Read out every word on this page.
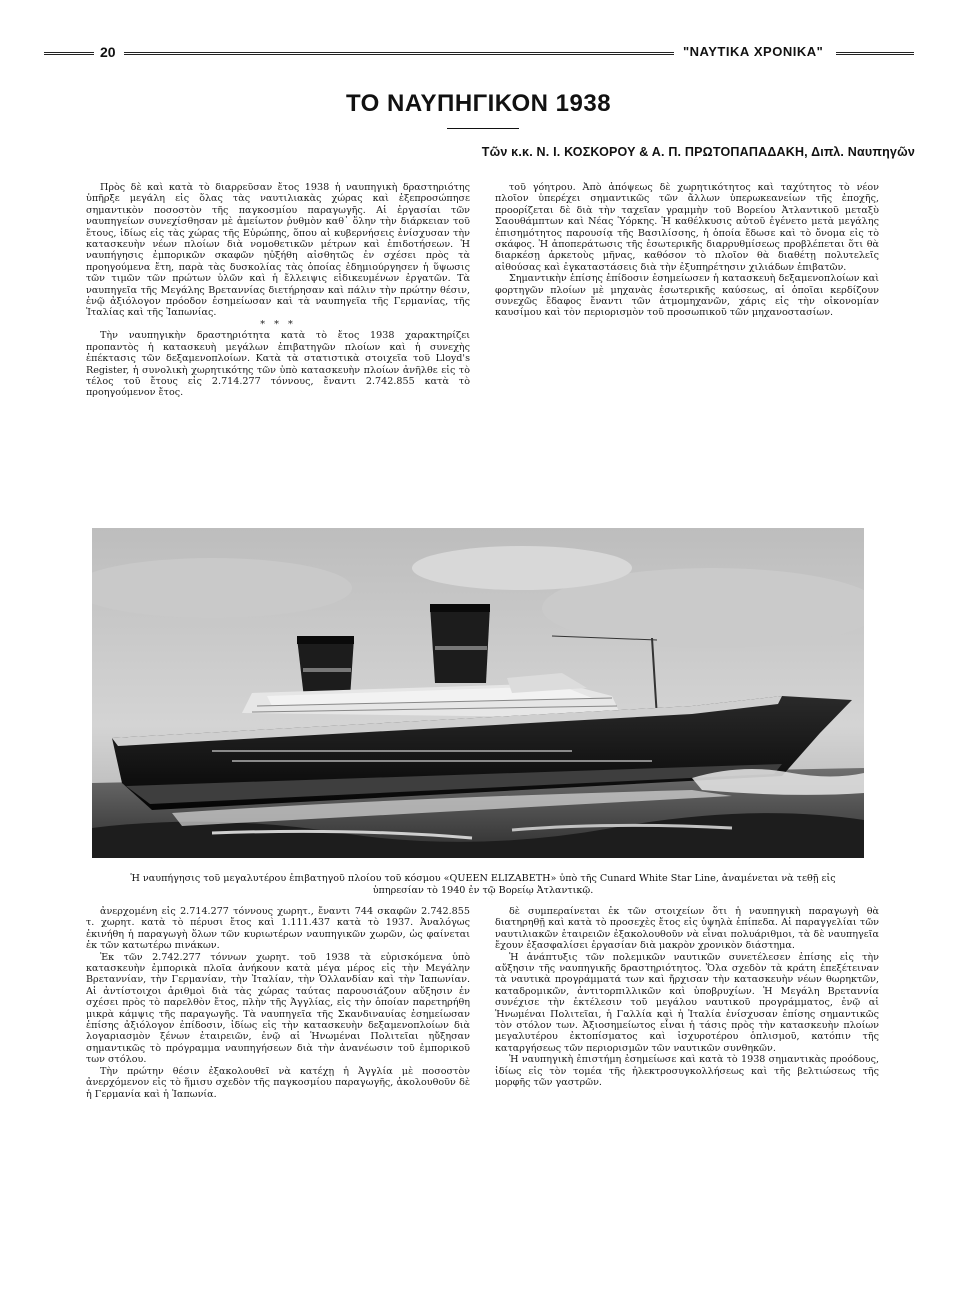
20	"ΝΑΥΤΙΚΑ ΧΡΟΝΙΚΑ"
ΤΟ ΝΑΥΠΗΓΙΚΟΝ 1938
Τῶν κ.κ. Ν. Ι. ΚΟΣΚΟΡΟΥ & Α. Π. ΠΡΩΤΟΠΑΠΑΔΑΚΗ, Διπλ. Ναυπηγῶν

Πρὸς δὲ καὶ κατὰ τὸ διαρρεῦσαν ἔτος 1938 ἡ ναυπηγικὴ δραστηριότης ὑπῆρξε μεγάλη εἰς ὅλας τὰς ναυτιλιακὰς χώρας καὶ ἐξεπροσώπησε σημαντικὸν ποσοστὸν τῆς παγκοσμίου παραγωγῆς. Αἱ ἐργασίαι τῶν ναυπηγείων συνεχίσθησαν μὲ ἀμείωτον ῥυθμὸν καθ᾽ ὅλην τὴν διάρκειαν τοῦ ἔτους, ἰδίως εἰς τὰς χώρας τῆς Εὐρώπης, ὅπου αἱ κυβερνήσεις ἐνίσχυσαν τὴν κατασκευὴν νέων πλοίων διὰ νομοθετικῶν μέτρων καὶ ἐπιδοτήσεων. Ἡ ναυπήγησις ἐμπορικῶν σκαφῶν ηὐξήθη αἰσθητῶς ἐν σχέσει πρὸς τὰ προηγούμενα ἔτη, παρὰ τὰς δυσκολίας τὰς ὁποίας ἐδημιούργησεν ἡ ὕψωσις τῶν τιμῶν τῶν πρώτων ὑλῶν καὶ ἡ ἔλλειψις εἰδικευμένων ἐργατῶν. Τὰ ναυπηγεῖα τῆς Μεγάλης Βρεταννίας διετήρησαν καὶ πάλιν τὴν πρώτην θέσιν, ἐνῷ ἀξιόλογον πρόοδον ἐσημείωσαν καὶ τὰ ναυπηγεῖα τῆς Γερμανίας, τῆς Ἰταλίας καὶ τῆς Ἰαπωνίας.

* * *

Τὴν ναυπηγικὴν δραστηριότητα κατὰ τὸ ἔτος 1938 χαρακτηρίζει προπαντὸς ἡ κατασκευὴ μεγάλων ἐπιβατηγῶν πλοίων καὶ ἡ συνεχὴς ἐπέκτασις τῶν δεξαμενοπλοίων. Κατὰ τὰ στατιστικὰ στοιχεῖα τοῦ Lloyd's Register, ἡ συνολικὴ χωρητικότης τῶν ὑπὸ κατασκευὴν πλοίων ἀνῆλθε εἰς τὸ τέλος τοῦ ἔτους εἰς 2.714.277 τόννους, ἔναντι 2.742.855 κατὰ τὸ προηγούμενον ἔτος.

τοῦ γόητρου. Ἀπὸ ἀπόψεως δὲ χωρητικότητος καὶ ταχύτητος τὸ νέον πλοῖον ὑπερέχει σημαντικῶς τῶν ἄλλων ὑπερωκεανείων τῆς ἐποχῆς, προορίζεται δὲ διὰ τὴν ταχεῖαν γραμμὴν τοῦ Βορείου Ἀτλαντικοῦ μεταξὺ Σαουθάμπτων καὶ Νέας Ὑόρκης. Ἡ καθέλκυσις αὐτοῦ ἐγένετο μετὰ μεγάλης ἐπισημότητος παρουσίᾳ τῆς Βασιλίσσης, ἡ ὁποία ἔδωσε καὶ τὸ ὄνομα εἰς τὸ σκάφος. Ἡ ἀποπεράτωσις τῆς ἐσωτερικῆς διαρρυθμίσεως προβλέπεται ὅτι θὰ διαρκέσῃ ἀρκετοὺς μῆνας, καθόσον τὸ πλοῖον θὰ διαθέτῃ πολυτελεῖς αἰθούσας καὶ ἐγκαταστάσεις διὰ τὴν ἐξυπηρέτησιν χιλιάδων ἐπιβατῶν.

Σημαντικὴν ἐπίσης ἐπίδοσιν ἐσημείωσεν ἡ κατασκευὴ δεξαμενοπλοίων καὶ φορτηγῶν πλοίων μὲ μηχανὰς ἐσωτερικῆς καύσεως, αἱ ὁποῖαι κερδίζουν συνεχῶς ἔδαφος ἔναντι τῶν ἀτμομηχανῶν, χάρις εἰς τὴν οἰκονομίαν καυσίμου καὶ τὸν περιορισμὸν τοῦ προσωπικοῦ τῶν μηχανοστασίων.

Ἡ ναυπήγησις τοῦ μεγαλυτέρου ἐπιβατηγοῦ πλοίου τοῦ κόσμου «QUEEN ELIZABETH» ὑπὸ τῆς Cunard White Star Line, ἀναμένεται νὰ τεθῇ εἰς ὑπηρεσίαν τὸ 1940 ἐν τῷ Βορείῳ Ἀτλαντικῷ.

ἀνερχομένη εἰς 2.714.277 τόννους χωρητ., ἔναντι 744 σκαφῶν 2.742.855 τ. χωρητ. κατὰ τὸ πέρυσι ἔτος καὶ 1.111.437 κατὰ τὸ 1937. Ἀναλόγως ἐκινήθη ἡ παραγωγὴ ὅλων τῶν κυριωτέρων ναυπηγικῶν χωρῶν, ὡς φαίνεται ἐκ τῶν κατωτέρω πινάκων.

Ἐκ τῶν 2.742.277 τόννων χωρητ. τοῦ 1938 τὰ εὑρισκόμενα ὑπὸ κατασκευὴν ἐμπορικὰ πλοῖα ἀνήκουν κατὰ μέγα μέρος εἰς τὴν Μεγάλην Βρεταννίαν, τὴν Γερμανίαν, τὴν Ἰταλίαν, τὴν Ὁλλανδίαν καὶ τὴν Ἰαπωνίαν. Αἱ ἀντίστοιχοι ἀριθμοὶ διὰ τὰς χώρας ταύτας παρουσιάζουν αὔξησιν ἐν σχέσει πρὸς τὸ παρελθὸν ἔτος, πλὴν τῆς Ἀγγλίας, εἰς τὴν ὁποίαν παρετηρήθη μικρὰ κάμψις τῆς παραγωγῆς. Τὰ ναυπηγεῖα τῆς Σκανδιναυίας ἐσημείωσαν ἐπίσης ἀξιόλογον ἐπίδοσιν, ἰδίως εἰς τὴν κατασκευὴν δεξαμενοπλοίων διὰ λογαριασμὸν ξένων ἐταιρειῶν, ἐνῷ αἱ Ἡνωμέναι Πολιτεῖαι ηὔξησαν σημαντικῶς τὸ πρόγραμμα ναυπηγήσεων διὰ τὴν ἀνανέωσιν τοῦ ἐμπορικοῦ των στόλου.

Τὴν πρώτην θέσιν ἐξακολουθεῖ νὰ κατέχῃ ἡ Ἀγγλία μὲ ποσοστὸν ἀνερχόμενον εἰς τὸ ἥμισυ σχεδὸν τῆς παγκοσμίου παραγωγῆς, ἀκολουθοῦν δὲ ἡ Γερμανία καὶ ἡ Ἰαπωνία.

δὲ συμπεραίνεται ἐκ τῶν στοιχείων ὅτι ἡ ναυπηγικὴ παραγωγὴ θὰ διατηρηθῇ καὶ κατὰ τὸ προσεχὲς ἔτος εἰς ὑψηλὰ ἐπίπεδα. Αἱ παραγγελίαι τῶν ναυτιλιακῶν ἑταιρειῶν ἐξακολουθοῦν νὰ εἶναι πολυάριθμοι, τὰ δὲ ναυπηγεῖα ἔχουν ἐξασφαλίσει ἐργασίαν διὰ μακρὸν χρονικὸν διάστημα.

Ἡ ἀνάπτυξις τῶν πολεμικῶν ναυτικῶν συνετέλεσεν ἐπίσης εἰς τὴν αὔξησιν τῆς ναυπηγικῆς δραστηριότητος. Ὅλα σχεδὸν τὰ κράτη ἐπεξέτειναν τὰ ναυτικὰ προγράμματά των καὶ ἤρχισαν τὴν κατασκευὴν νέων θωρηκτῶν, καταδρομικῶν, ἀντιτορπιλλικῶν καὶ ὑποβρυχίων. Ἡ Μεγάλη Βρεταννία συνέχισε τὴν ἐκτέλεσιν τοῦ μεγάλου ναυτικοῦ προγράμματος, ἐνῷ αἱ Ἡνωμέναι Πολιτεῖαι, ἡ Γαλλία καὶ ἡ Ἰταλία ἐνίσχυσαν ἐπίσης σημαντικῶς τὸν στόλον των. Ἀξιοσημείωτος εἶναι ἡ τάσις πρὸς τὴν κατασκευὴν πλοίων μεγαλυτέρου ἐκτοπίσματος καὶ ἰσχυροτέρου ὁπλισμοῦ, κατόπιν τῆς καταργήσεως τῶν περιορισμῶν τῶν ναυτικῶν συνθηκῶν.

Ἡ ναυπηγικὴ ἐπιστήμη ἐσημείωσε καὶ κατὰ τὸ 1938 σημαντικὰς προόδους, ἰδίως εἰς τὸν τομέα τῆς ἠλεκτροσυγκολλήσεως καὶ τῆς βελτιώσεως τῆς μορφῆς τῶν γαστρῶν.
